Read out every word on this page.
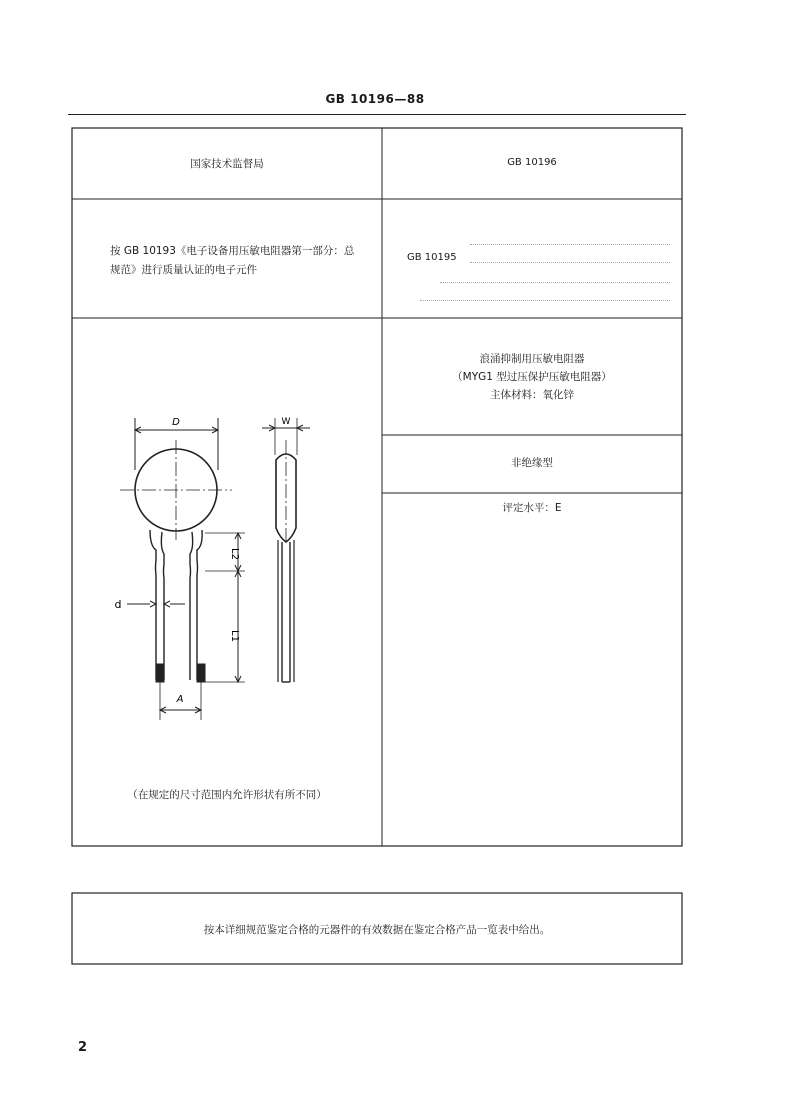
GB 10196—88
国家技术监督局	GB 10196
按 GB 10193《电子设备用压敏电阻器第一部分：总
规范》进行质量认证的电子元件
GB 10195
浪涌抑制用压敏电阻器
（MYG1 型过压保护压敏电阻器）
主体材料：氧化锌
非绝缘型
评定水平：E
D	W
d
A
L1
L2
（在规定的尺寸范围内允许形状有所不同）
按本详细规范鉴定合格的元器件的有效数据在鉴定合格产品一览表中给出。
2
